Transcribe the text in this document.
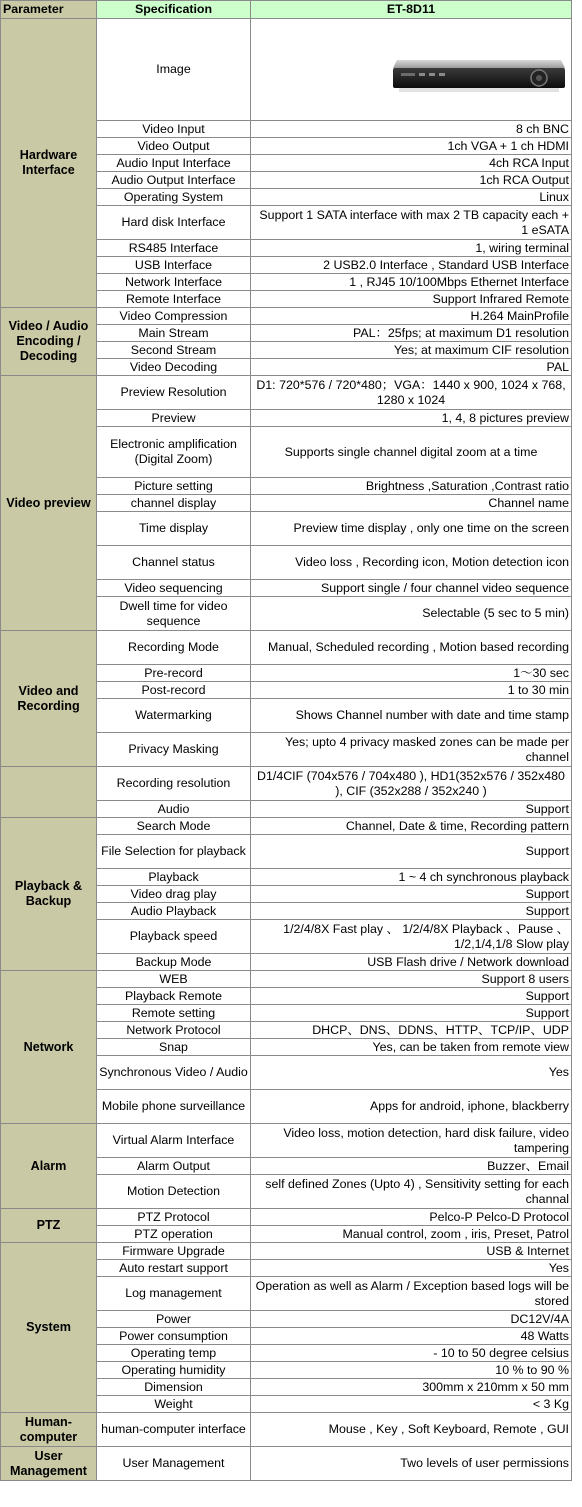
Parameter	Specification	ET-8D11
Hardware Interface	Image	
	Video Input	8 ch BNC
	Video Output	1ch VGA + 1 ch HDMI
	Audio Input Interface	4ch RCA Input
	Audio Output Interface	1ch RCA Output
	Operating System	Linux
	Hard disk Interface	Support 1 SATA interface with max 2 TB capacity each + 1 eSATA
	RS485 Interface	1, wiring terminal
	USB Interface	2 USB2.0 Interface , Standard USB Interface
	Network Interface	1 , RJ45 10/100Mbps Ethernet Interface
	Remote Interface	Support Infrared Remote
Video / Audio Encoding / Decoding	Video Compression	H.264 MainProfile
	Main Stream	PAL：25fps; at maximum D1 resolution
	Second Stream	Yes; at maximum CIF resolution
	Video Decoding	PAL
Video preview	Preview Resolution	D1: 720*576 / 720*480；VGA：1440 x 900, 1024 x 768, 1280 x 1024
	Preview	1, 4, 8 pictures preview
	Electronic amplification (Digital Zoom)	Supports single channel digital zoom at a time
	Picture setting	Brightness ,Saturation ,Contrast ratio
	channel display	Channel name
	Time display	Preview time display , only one time on the screen
	Channel status	Video loss , Recording icon, Motion detection icon
	Video sequencing	Support single / four channel video sequence
	Dwell time for video sequence	Selectable (5 sec to 5 min)
Video and Recording	Recording Mode	Manual, Scheduled recording , Motion based recording
	Pre-record	1～30 sec
	Post-record	1 to 30 min
	Watermarking	Shows Channel number with date and time stamp
	Privacy Masking	Yes; upto 4 privacy masked zones can be made per channel
	Recording resolution	D1/4CIF (704x576 / 704x480 ), HD1(352x576 / 352x480 ), CIF (352x288 / 352x240 )
	Audio	Support
Playback & Backup	Search Mode	Channel, Date & time, Recording pattern
	File Selection for playback	Support
	Playback	1 ~ 4 ch synchronous playback
	Video drag play	Support
	Audio Playback	Support
	Playback speed	1/2/4/8X Fast play 、 1/2/4/8X Playback 、Pause 、 1/2,1/4,1/8 Slow play
	Backup Mode	USB Flash drive / Network download
Network	WEB	Support 8 users
	Playback Remote	Support
	Remote setting	Support
	Network Protocol	DHCP、DNS、DDNS、HTTP、TCP/IP、UDP
	Snap	Yes, can be taken from remote view
	Synchronous Video / Audio	Yes
	Mobile phone surveillance	Apps for android, iphone, blackberry
Alarm	Virtual Alarm Interface	Video loss, motion detection, hard disk failure, video tampering
	Alarm Output	Buzzer、Email
	Motion Detection	self defined Zones (Upto 4) , Sensitivity setting for each channal
PTZ	PTZ Protocol	Pelco-P Pelco-D Protocol
	PTZ operation	Manual control, zoom , iris, Preset, Patrol
System	Firmware Upgrade	USB & Internet
	Auto restart support	Yes
	Log management	Operation as well as Alarm / Exception based logs will be stored
	Power	DC12V/4A
	Power consumption	48 Watts
	Operating temp	- 10 to 50 degree celsius
	Operating humidity	10 % to 90 %
	Dimension	300mm x 210mm x 50 mm
	Weight	< 3 Kg
Human-computer	human-computer interface	Mouse , Key , Soft Keyboard, Remote , GUI
User Management	User Management	Two levels of user permissions
